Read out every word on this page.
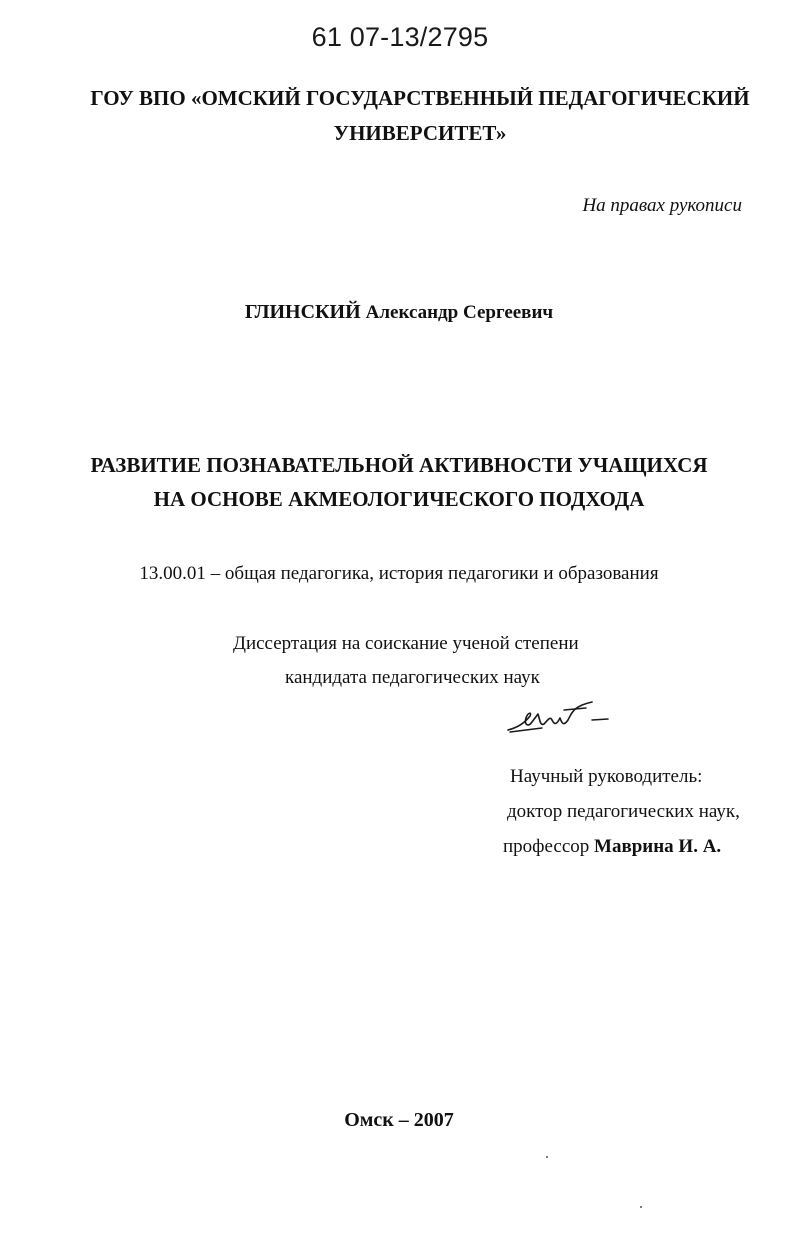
61 07-13/2795
ГОУ ВПО «ОМСКИЙ ГОСУДАРСТВЕННЫЙ ПЕДАГОГИЧЕСКИЙ
УНИВЕРСИТЕТ»
На правах рукописи
ГЛИНСКИЙ Александр Сергеевич
РАЗВИТИЕ ПОЗНАВАТЕЛЬНОЙ АКТИВНОСТИ УЧАЩИХСЯ
НА ОСНОВЕ АКМЕОЛОГИЧЕСКОГО ПОДХОДА
13.00.01 – общая педагогика, история педагогики и образования
Диссертация на соискание ученой степени
кандидата педагогических наук
Научный руководитель:
доктор педагогических наук,
профессор Маврина И. А.
Омск – 2007
